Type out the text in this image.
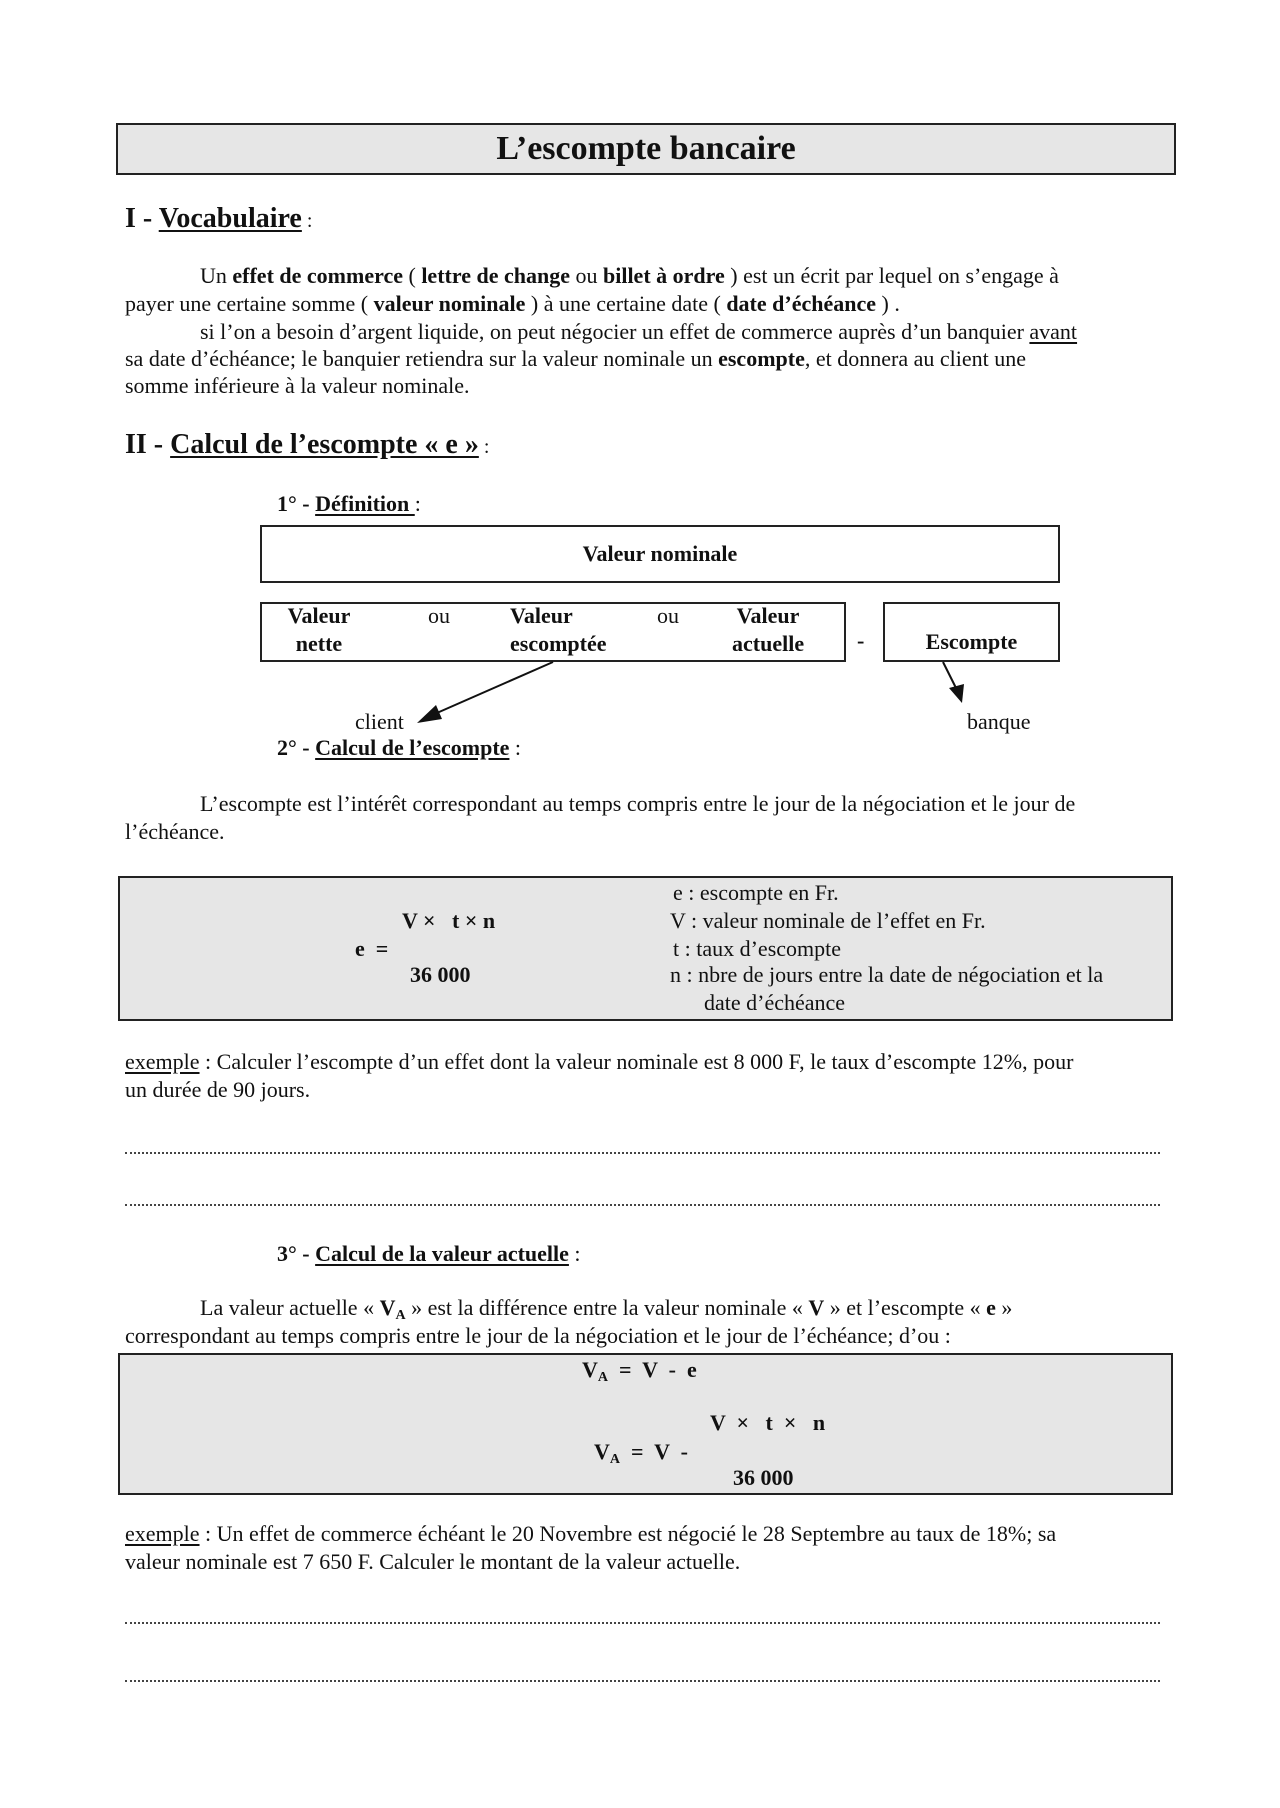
L’escompte bancaire
I - Vocabulaire :
Un effet de commerce ( lettre de change ou billet à ordre ) est un écrit par lequel on s’engage à
payer une certaine somme ( valeur nominale ) à une certaine date ( date d’échéance ) .
si l’on a besoin d’argent liquide, on peut négocier un effet de commerce auprès d’un banquier avant
sa date d’échéance; le banquier retiendra sur la valeur nominale un escompte, et donnera au client une
somme inférieure à la valeur nominale.
II - Calcul de l’escompte « e » :
1° - Définition :
Valeur nominale
Valeur
nette
ou	Valeur
escomptée
ou	Valeur
actuelle -	Escompte
client	banque
2° - Calcul de l’escompte :
L’escompte est l’intérêt correspondant au temps compris entre le jour de la négociation et le jour de
l’échéance.
V ×   t × n
e  =
36 000
e : escompte en Fr.
V : valeur nominale de l’effet en Fr.
t : taux d’escompte
n : nbre de jours entre la date de négociation et la
date d’échéance
exemple : Calculer l’escompte d’un effet dont la valeur nominale est 8 000 F, le taux d’escompte 12%, pour
un durée de 90 jours.
3° - Calcul de la valeur actuelle :
La valeur actuelle « $V_A$ » est la différence entre la valeur nominale « V » et l’escompte « e »
correspondant au temps compris entre le jour de la négociation et le jour de l’échéance; d’ou :
$V_A = V - e$
V  ×   t  ×   n
$V_A = V$  -
36 000
exemple : Un effet de commerce échéant le 20 Novembre est négocié le 28 Septembre au taux de 18%; sa
valeur nominale est 7 650 F. Calculer le montant de la valeur actuelle.
